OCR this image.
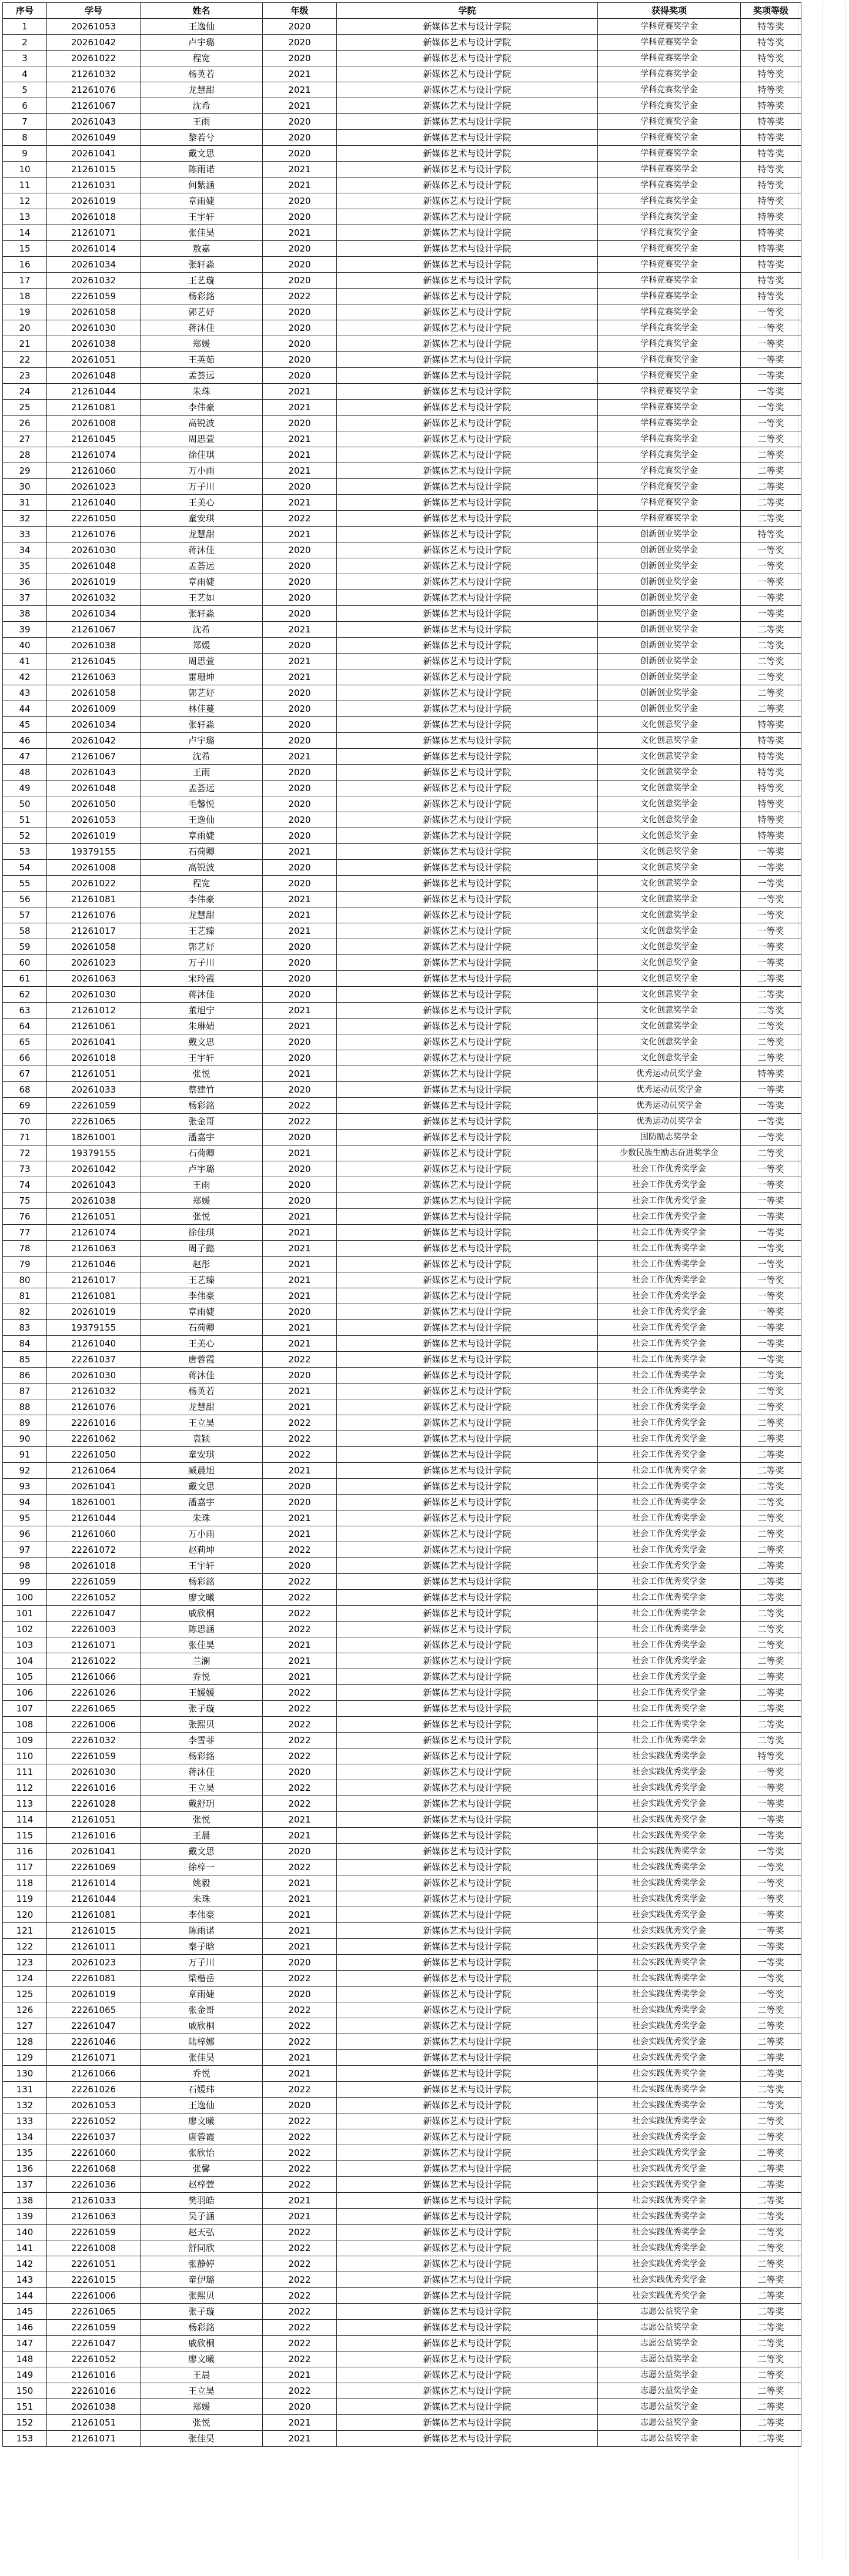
序号	学号	姓名	年级	学院	获得奖项	奖项等级
1	20261053	王逸仙	2020	新媒体艺术与设计学院	学科竞赛奖学金	特等奖
2	20261042	卢宇璐	2020	新媒体艺术与设计学院	学科竞赛奖学金	特等奖
3	20261022	程宽	2020	新媒体艺术与设计学院	学科竞赛奖学金	特等奖
4	21261032	杨英若	2021	新媒体艺术与设计学院	学科竞赛奖学金	特等奖
5	21261076	龙慧甜	2021	新媒体艺术与设计学院	学科竞赛奖学金	特等奖
6	21261067	沈希	2021	新媒体艺术与设计学院	学科竞赛奖学金	特等奖
7	20261043	王雨	2020	新媒体艺术与设计学院	学科竞赛奖学金	特等奖
8	20261049	黎若兮	2020	新媒体艺术与设计学院	学科竞赛奖学金	特等奖
9	20261041	戴文思	2020	新媒体艺术与设计学院	学科竞赛奖学金	特等奖
10	21261015	陈雨诺	2021	新媒体艺术与设计学院	学科竞赛奖学金	特等奖
11	21261031	何紫涵	2021	新媒体艺术与设计学院	学科竞赛奖学金	特等奖
12	20261019	章雨婕	2020	新媒体艺术与设计学院	学科竞赛奖学金	特等奖
13	20261018	王宇轩	2020	新媒体艺术与设计学院	学科竞赛奖学金	特等奖
14	21261071	张佳昊	2021	新媒体艺术与设计学院	学科竞赛奖学金	特等奖
15	20261014	敖嘉	2020	新媒体艺术与设计学院	学科竞赛奖学金	特等奖
16	20261034	张轩淼	2020	新媒体艺术与设计学院	学科竞赛奖学金	特等奖
17	20261032	王艺璇	2020	新媒体艺术与设计学院	学科竞赛奖学金	特等奖
18	22261059	杨彩銘	2022	新媒体艺术与设计学院	学科竞赛奖学金	特等奖
19	20261058	郭艺妤	2020	新媒体艺术与设计学院	学科竞赛奖学金	一等奖
20	20261030	蒋沐佳	2020	新媒体艺术与设计学院	学科竞赛奖学金	一等奖
21	20261038	郑媛	2020	新媒体艺术与设计学院	学科竞赛奖学金	一等奖
22	20261051	王英茹	2020	新媒体艺术与设计学院	学科竞赛奖学金	一等奖
23	20261048	孟荟远	2020	新媒体艺术与设计学院	学科竞赛奖学金	一等奖
24	21261044	朱珠	2021	新媒体艺术与设计学院	学科竞赛奖学金	一等奖
25	21261081	李伟豪	2021	新媒体艺术与设计学院	学科竞赛奖学金	一等奖
26	20261008	高锐波	2020	新媒体艺术与设计学院	学科竞赛奖学金	一等奖
27	21261045	周思萱	2021	新媒体艺术与设计学院	学科竞赛奖学金	二等奖
28	21261074	徐佳琪	2021	新媒体艺术与设计学院	学科竞赛奖学金	二等奖
29	21261060	万小雨	2021	新媒体艺术与设计学院	学科竞赛奖学金	二等奖
30	20261023	万子川	2020	新媒体艺术与设计学院	学科竞赛奖学金	二等奖
31	21261040	王美心	2021	新媒体艺术与设计学院	学科竞赛奖学金	二等奖
32	22261050	童安琪	2022	新媒体艺术与设计学院	学科竞赛奖学金	二等奖
33	21261076	龙慧甜	2021	新媒体艺术与设计学院	创新创业奖学金	特等奖
34	20261030	蒋沐佳	2020	新媒体艺术与设计学院	创新创业奖学金	一等奖
35	20261048	孟荟远	2020	新媒体艺术与设计学院	创新创业奖学金	一等奖
36	20261019	章雨婕	2020	新媒体艺术与设计学院	创新创业奖学金	一等奖
37	20261032	王艺如	2020	新媒体艺术与设计学院	创新创业奖学金	一等奖
38	20261034	张轩淼	2020	新媒体艺术与设计学院	创新创业奖学金	一等奖
39	21261067	沈希	2021	新媒体艺术与设计学院	创新创业奖学金	二等奖
40	20261038	郑媛	2020	新媒体艺术与设计学院	创新创业奖学金	二等奖
41	21261045	周思萱	2021	新媒体艺术与设计学院	创新创业奖学金	二等奖
42	21261063	雷珊坤	2021	新媒体艺术与设计学院	创新创业奖学金	二等奖
43	20261058	郭艺妤	2020	新媒体艺术与设计学院	创新创业奖学金	二等奖
44	20261009	林佳蔓	2020	新媒体艺术与设计学院	创新创业奖学金	二等奖
45	20261034	张轩淼	2020	新媒体艺术与设计学院	文化创意奖学金	特等奖
46	20261042	卢宇璐	2020	新媒体艺术与设计学院	文化创意奖学金	特等奖
47	21261067	沈希	2021	新媒体艺术与设计学院	文化创意奖学金	特等奖
48	20261043	王雨	2020	新媒体艺术与设计学院	文化创意奖学金	特等奖
49	20261048	孟荟远	2020	新媒体艺术与设计学院	文化创意奖学金	特等奖
50	20261050	毛馨悦	2020	新媒体艺术与设计学院	文化创意奖学金	特等奖
51	20261053	王逸仙	2020	新媒体艺术与设计学院	文化创意奖学金	特等奖
52	20261019	章雨婕	2020	新媒体艺术与设计学院	文化创意奖学金	特等奖
53	19379155	石荷卿	2021	新媒体艺术与设计学院	文化创意奖学金	一等奖
54	20261008	高锐波	2020	新媒体艺术与设计学院	文化创意奖学金	一等奖
55	20261022	程宽	2020	新媒体艺术与设计学院	文化创意奖学金	一等奖
56	21261081	李伟豪	2021	新媒体艺术与设计学院	文化创意奖学金	一等奖
57	21261076	龙慧甜	2021	新媒体艺术与设计学院	文化创意奖学金	一等奖
58	21261017	王艺臻	2021	新媒体艺术与设计学院	文化创意奖学金	一等奖
59	20261058	郭艺妤	2020	新媒体艺术与设计学院	文化创意奖学金	一等奖
60	20261023	万子川	2020	新媒体艺术与设计学院	文化创意奖学金	一等奖
61	20261063	宋玲霞	2020	新媒体艺术与设计学院	文化创意奖学金	二等奖
62	20261030	蒋沐佳	2020	新媒体艺术与设计学院	文化创意奖学金	二等奖
63	21261012	董旭宁	2021	新媒体艺术与设计学院	文化创意奖学金	二等奖
64	21261061	朱琳婧	2021	新媒体艺术与设计学院	文化创意奖学金	二等奖
65	20261041	戴文思	2020	新媒体艺术与设计学院	文化创意奖学金	二等奖
66	20261018	王宇轩	2020	新媒体艺术与设计学院	文化创意奖学金	二等奖
67	21261051	张悦	2021	新媒体艺术与设计学院	优秀运动员奖学金	特等奖
68	20261033	蔡建竹	2020	新媒体艺术与设计学院	优秀运动员奖学金	一等奖
69	22261059	杨彩銘	2022	新媒体艺术与设计学院	优秀运动员奖学金	一等奖
70	22261065	张金哥	2022	新媒体艺术与设计学院	优秀运动员奖学金	一等奖
71	18261001	潘嘉宇	2020	新媒体艺术与设计学院	国防励志奖学金	一等奖
72	19379155	石荷卿	2021	新媒体艺术与设计学院	少数民族生励志奋进奖学金	二等奖
73	20261042	卢宇璐	2020	新媒体艺术与设计学院	社会工作优秀奖学金	一等奖
74	20261043	王雨	2020	新媒体艺术与设计学院	社会工作优秀奖学金	一等奖
75	20261038	郑媛	2020	新媒体艺术与设计学院	社会工作优秀奖学金	一等奖
76	21261051	张悦	2021	新媒体艺术与设计学院	社会工作优秀奖学金	一等奖
77	21261074	徐佳琪	2021	新媒体艺术与设计学院	社会工作优秀奖学金	一等奖
78	21261063	周子懿	2021	新媒体艺术与设计学院	社会工作优秀奖学金	一等奖
79	21261046	赵彤	2021	新媒体艺术与设计学院	社会工作优秀奖学金	一等奖
80	21261017	王艺臻	2021	新媒体艺术与设计学院	社会工作优秀奖学金	一等奖
81	21261081	李伟豪	2021	新媒体艺术与设计学院	社会工作优秀奖学金	一等奖
82	20261019	章雨婕	2020	新媒体艺术与设计学院	社会工作优秀奖学金	一等奖
83	19379155	石荷卿	2021	新媒体艺术与设计学院	社会工作优秀奖学金	一等奖
84	21261040	王美心	2021	新媒体艺术与设计学院	社会工作优秀奖学金	一等奖
85	22261037	唐蓉霞	2022	新媒体艺术与设计学院	社会工作优秀奖学金	一等奖
86	20261030	蒋沐佳	2020	新媒体艺术与设计学院	社会工作优秀奖学金	二等奖
87	21261032	杨英若	2021	新媒体艺术与设计学院	社会工作优秀奖学金	二等奖
88	21261076	龙慧甜	2021	新媒体艺术与设计学院	社会工作优秀奖学金	二等奖
89	22261016	王立昊	2022	新媒体艺术与设计学院	社会工作优秀奖学金	二等奖
90	22261062	袁颖	2022	新媒体艺术与设计学院	社会工作优秀奖学金	二等奖
91	22261050	童安琪	2022	新媒体艺术与设计学院	社会工作优秀奖学金	二等奖
92	21261064	臧晨旭	2021	新媒体艺术与设计学院	社会工作优秀奖学金	二等奖
93	20261041	戴文思	2020	新媒体艺术与设计学院	社会工作优秀奖学金	二等奖
94	18261001	潘嘉宇	2020	新媒体艺术与设计学院	社会工作优秀奖学金	二等奖
95	21261044	朱珠	2021	新媒体艺术与设计学院	社会工作优秀奖学金	二等奖
96	21261060	万小雨	2021	新媒体艺术与设计学院	社会工作优秀奖学金	二等奖
97	22261072	赵莉坤	2022	新媒体艺术与设计学院	社会工作优秀奖学金	二等奖
98	20261018	王宇轩	2020	新媒体艺术与设计学院	社会工作优秀奖学金	二等奖
99	22261059	杨彩銘	2022	新媒体艺术与设计学院	社会工作优秀奖学金	二等奖
100	22261052	廖文曦	2022	新媒体艺术与设计学院	社会工作优秀奖学金	二等奖
101	22261047	戚欣桐	2022	新媒体艺术与设计学院	社会工作优秀奖学金	二等奖
102	22261003	陈思涵	2022	新媒体艺术与设计学院	社会工作优秀奖学金	二等奖
103	21261071	张佳昊	2021	新媒体艺术与设计学院	社会工作优秀奖学金	二等奖
104	21261022	兰澜	2021	新媒体艺术与设计学院	社会工作优秀奖学金	二等奖
105	21261066	乔悦	2021	新媒体艺术与设计学院	社会工作优秀奖学金	二等奖
106	22261026	王媛媛	2022	新媒体艺术与设计学院	社会工作优秀奖学金	二等奖
107	22261065	张子璇	2022	新媒体艺术与设计学院	社会工作优秀奖学金	二等奖
108	22261006	张熙贝	2022	新媒体艺术与设计学院	社会工作优秀奖学金	二等奖
109	22261032	李雪菲	2022	新媒体艺术与设计学院	社会工作优秀奖学金	二等奖
110	22261059	杨彩銘	2022	新媒体艺术与设计学院	社会实践优秀奖学金	特等奖
111	20261030	蒋沐佳	2020	新媒体艺术与设计学院	社会实践优秀奖学金	一等奖
112	22261016	王立昊	2022	新媒体艺术与设计学院	社会实践优秀奖学金	一等奖
113	22261028	戴舒玥	2022	新媒体艺术与设计学院	社会实践优秀奖学金	一等奖
114	21261051	张悦	2021	新媒体艺术与设计学院	社会实践优秀奖学金	一等奖
115	21261016	王晨	2021	新媒体艺术与设计学院	社会实践优秀奖学金	一等奖
116	20261041	戴文思	2020	新媒体艺术与设计学院	社会实践优秀奖学金	一等奖
117	22261069	徐梓一	2022	新媒体艺术与设计学院	社会实践优秀奖学金	一等奖
118	21261014	姚毅	2021	新媒体艺术与设计学院	社会实践优秀奖学金	一等奖
119	21261044	朱珠	2021	新媒体艺术与设计学院	社会实践优秀奖学金	一等奖
120	21261081	李伟豪	2021	新媒体艺术与设计学院	社会实践优秀奖学金	一等奖
121	21261015	陈雨诺	2021	新媒体艺术与设计学院	社会实践优秀奖学金	一等奖
122	21261011	秦子晗	2021	新媒体艺术与设计学院	社会实践优秀奖学金	一等奖
123	20261023	万子川	2020	新媒体艺术与设计学院	社会实践优秀奖学金	一等奖
124	22261081	梁楷岳	2022	新媒体艺术与设计学院	社会实践优秀奖学金	一等奖
125	20261019	章雨婕	2020	新媒体艺术与设计学院	社会实践优秀奖学金	一等奖
126	22261065	张金哥	2022	新媒体艺术与设计学院	社会实践优秀奖学金	二等奖
127	22261047	戚欣桐	2022	新媒体艺术与设计学院	社会实践优秀奖学金	二等奖
128	22261046	陆梓娜	2022	新媒体艺术与设计学院	社会实践优秀奖学金	二等奖
129	21261071	张佳昊	2021	新媒体艺术与设计学院	社会实践优秀奖学金	二等奖
130	21261066	乔悦	2021	新媒体艺术与设计学院	社会实践优秀奖学金	二等奖
131	22261026	石媛玮	2022	新媒体艺术与设计学院	社会实践优秀奖学金	二等奖
132	20261053	王逸仙	2020	新媒体艺术与设计学院	社会实践优秀奖学金	二等奖
133	22261052	廖文曦	2022	新媒体艺术与设计学院	社会实践优秀奖学金	二等奖
134	22261037	唐蓉霞	2022	新媒体艺术与设计学院	社会实践优秀奖学金	二等奖
135	22261060	张欣怡	2022	新媒体艺术与设计学院	社会实践优秀奖学金	二等奖
136	22261068	张馨	2022	新媒体艺术与设计学院	社会实践优秀奖学金	二等奖
137	22261036	赵梓萱	2022	新媒体艺术与设计学院	社会实践优秀奖学金	二等奖
138	21261033	樊羽皓	2021	新媒体艺术与设计学院	社会实践优秀奖学金	二等奖
139	21261063	吴子涵	2021	新媒体艺术与设计学院	社会实践优秀奖学金	二等奖
140	22261059	赵天弘	2022	新媒体艺术与设计学院	社会实践优秀奖学金	二等奖
141	22261008	舒同欣	2022	新媒体艺术与设计学院	社会实践优秀奖学金	二等奖
142	22261051	张静婷	2022	新媒体艺术与设计学院	社会实践优秀奖学金	二等奖
143	22261015	童伊璐	2022	新媒体艺术与设计学院	社会实践优秀奖学金	二等奖
144	22261006	张熙贝	2022	新媒体艺术与设计学院	社会实践优秀奖学金	二等奖
145	22261065	张子璇	2022	新媒体艺术与设计学院	志愿公益奖学金	二等奖
146	22261059	杨彩銘	2022	新媒体艺术与设计学院	志愿公益奖学金	二等奖
147	22261047	戚欣桐	2022	新媒体艺术与设计学院	志愿公益奖学金	二等奖
148	22261052	廖文曦	2022	新媒体艺术与设计学院	志愿公益奖学金	二等奖
149	21261016	王晨	2021	新媒体艺术与设计学院	志愿公益奖学金	二等奖
150	22261016	王立昊	2022	新媒体艺术与设计学院	志愿公益奖学金	二等奖
151	20261038	郑媛	2020	新媒体艺术与设计学院	志愿公益奖学金	二等奖
152	21261051	张悦	2021	新媒体艺术与设计学院	志愿公益奖学金	二等奖
153	21261071	张佳昊	2021	新媒体艺术与设计学院	志愿公益奖学金	二等奖
